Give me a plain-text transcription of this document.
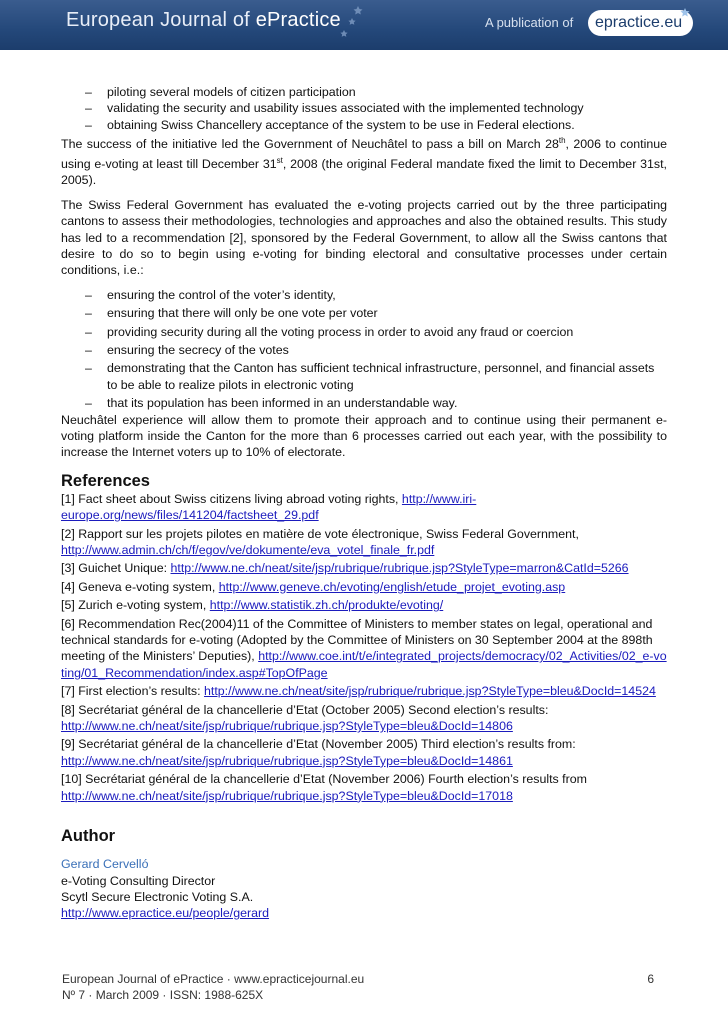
European Journal of ePractice	A publication of	epractice.eu
– piloting several models of citizen participation
– validating the security and usability issues associated with the implemented technology
– obtaining Swiss Chancellery acceptance of the system to be use in Federal elections.

The success of the initiative led the Government of Neuchâtel to pass a bill on March 28th, 2006 to continue using e-voting at least till December 31st, 2008 (the original Federal mandate fixed the limit to December 31st, 2005).

The Swiss Federal Government has evaluated the e-voting projects carried out by the three participating cantons to assess their methodologies, technologies and approaches and also the obtained results. This study has led to a recommendation [2], sponsored by the Federal Government, to allow all the Swiss cantons that desire to do so to begin using e-voting for binding electoral and consultative processes under certain conditions, i.e.:

– ensuring the control of the voter’s identity,
– ensuring that there will only be one vote per voter
– providing security during all the voting process in order to avoid any fraud or coercion
– ensuring the secrecy of the votes
– demonstrating that the Canton has sufficient technical infrastructure, personnel, and financial assets to be able to realize pilots in electronic voting
– that its population has been informed in an understandable way.

Neuchâtel experience will allow them to promote their approach and to continue using their permanent e-voting platform inside the Canton for the more than 6 processes carried out each year, with the possibility to increase the Internet voters up to 10% of electorate.

References
[1] Fact sheet about Swiss citizens living abroad voting rights, http://www.iri-europe.org/news/files/141204/factsheet_29.pdf
[2] Rapport sur les projets pilotes en matière de vote électronique, Swiss Federal Government, http://www.admin.ch/ch/f/egov/ve/dokumente/eva_votel_finale_fr.pdf
[3] Guichet Unique: http://www.ne.ch/neat/site/jsp/rubrique/rubrique.jsp?StyleType=marron&CatId=5266
[4] Geneva e-voting system, http://www.geneve.ch/evoting/english/etude_projet_evoting.asp
[5] Zurich e-voting system, http://www.statistik.zh.ch/produkte/evoting/
[6] Recommendation Rec(2004)11 of the Committee of Ministers to member states on legal, operational and technical standards for e-voting (Adopted by the Committee of Ministers on 30 September 2004 at the 898th meeting of the Ministers’ Deputies), http://www.coe.int/t/e/integrated_projects/democracy/02_Activities/02_e-voting/01_Recommendation/index.asp#TopOfPage
[7] First election’s results: http://www.ne.ch/neat/site/jsp/rubrique/rubrique.jsp?StyleType=bleu&DocId=14524
[8] Secrétariat général de la chancellerie d’Etat (October 2005) Second election’s results: http://www.ne.ch/neat/site/jsp/rubrique/rubrique.jsp?StyleType=bleu&DocId=14806
[9] Secrétariat général de la chancellerie d’Etat (November 2005) Third election’s results from: http://www.ne.ch/neat/site/jsp/rubrique/rubrique.jsp?StyleType=bleu&DocId=14861
[10] Secrétariat général de la chancellerie d’Etat (November 2006) Fourth election’s results from http://www.ne.ch/neat/site/jsp/rubrique/rubrique.jsp?StyleType=bleu&DocId=17018
Author

Gerard Cervelló

e-Voting Consulting Director

Scytl Secure Electronic Voting S.A.

http://www.epractice.eu/people/gerard

European Journal of ePractice · www.epracticejournal.eu
Nº 7 · March 2009 · ISSN: 1988-625X
6
